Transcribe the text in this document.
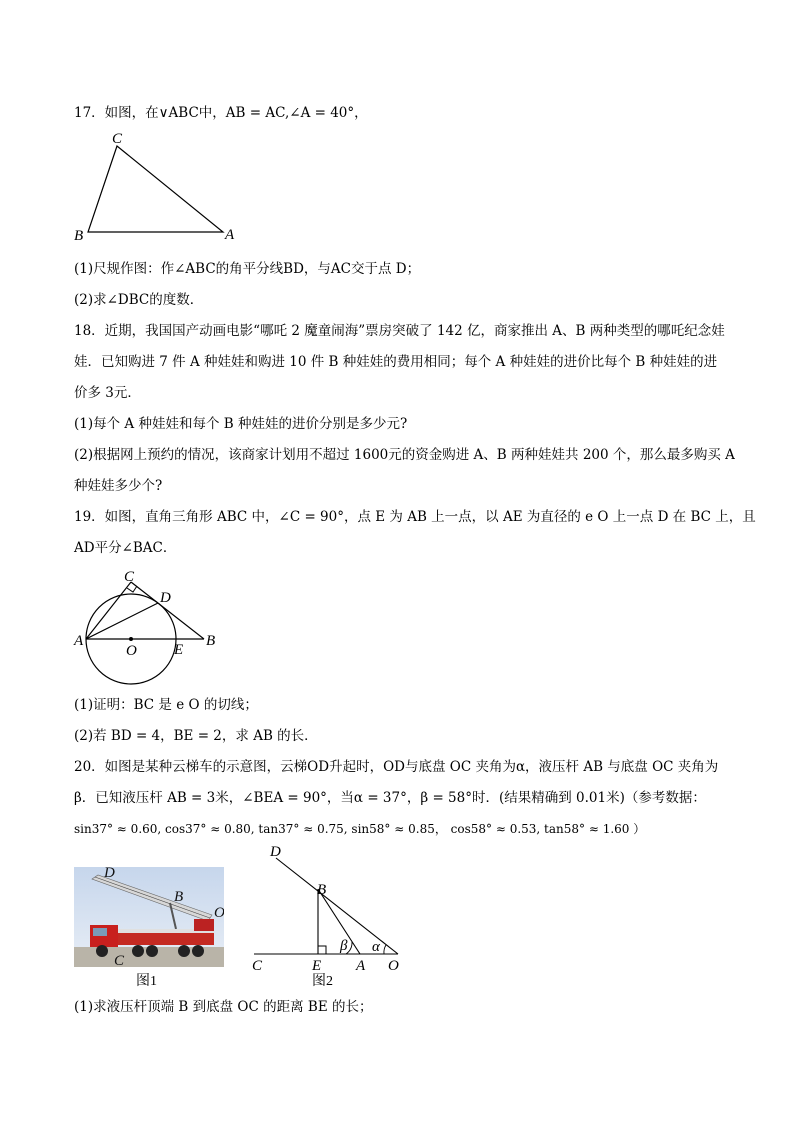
17．如图，在∨ABC中，AB = AC,∠A = 40°，
C
B	A
(1)尺规作图：作∠ABC的角平分线BD，与AC交于点 D；
(2)求∠DBC的度数．
18．近期，我国国产动画电影“哪吒 2 魔童闹海”票房突破了 142 亿，商家推出 A、B 两种类型的哪吒纪念娃
娃．已知购进 7 件 A 种娃娃和购进 10 件 B 种娃娃的费用相同；每个 A 种娃娃的进价比每个 B 种娃娃的进
价多 3元．
(1)每个 A 种娃娃和每个 B 种娃娃的进价分别是多少元?
(2)根据网上预约的情况，该商家计划用不超过 1600元的资金购进 A、B 两种娃娃共 200 个，那么最多购买 A
种娃娃多少个?
19．如图，直角三角形 ABC 中，∠C = 90°，点 E 为 AB 上一点，以 AE 为直径的 e O 上一点 D 在 BC 上，且
AD平分∠BAC．
C
D
A
O E
B
(1)证明：BC 是 e O 的切线；
(2)若 BD = 4，BE = 2，求 AB 的长．
20．如图是某种云梯车的示意图，云梯OD升起时，OD与底盘 OC 夹角为α，液压杆 AB 与底盘 OC 夹角为
β．已知液压杆 AB = 3米，∠BEA = 90°，当α = 37°，β = 58°时．(结果精确到 0.01米)（参考数据：
sin37° ≈ 0.60, cos37° ≈ 0.80, tan37° ≈ 0.75, sin58° ≈ 0.85， cos58° ≈ 0.53, tan58° ≈ 1.60 ）
D
B
O
C
图1
D
B
β α
C	E A O
图2
(1)求液压杆顶端 B 到底盘 OC 的距离 BE 的长；
